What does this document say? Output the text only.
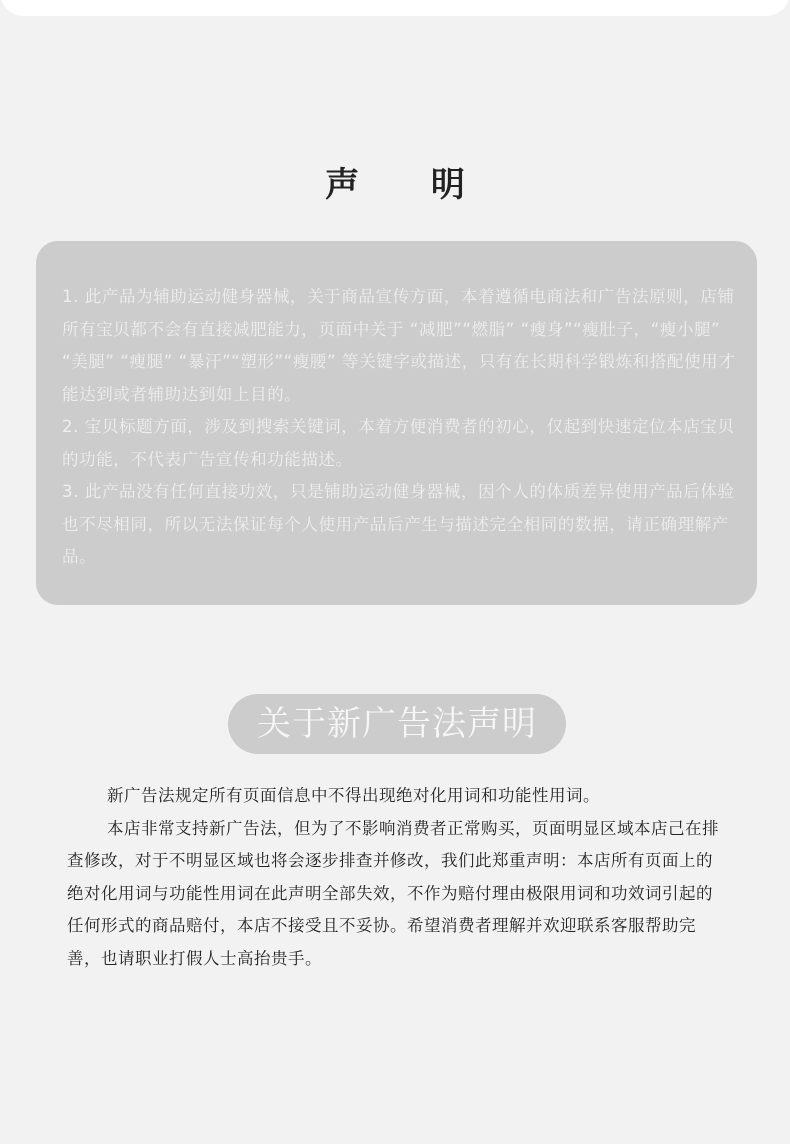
声 明

1. 此产品为辅助运动健身器械，关于商品宣传方面，本着遵循电商法和广告法原则，店铺所有宝贝都不会有直接减肥能力，页面中关于 “减肥”“燃脂” “瘦身”“瘦肚子，“瘦小腿” “美腿” “瘦腿” “暴汗”“塑形”“瘦腰” 等关键字或描述，只有在长期科学锻炼和搭配使用才能达到或者辅助达到如上目的。

2. 宝贝标题方面，涉及到搜索关键词，本着方便消费者的初心，仅起到快速定位本店宝贝的功能，不代表广告宣传和功能描述。

3. 此产品没有任何直接功效，只是铺助运动健身器械，因个人的体质差异使用产品后体验也不尽相同，所以无法保证每个人使用产品后产生与描述完全相同的数据，请正确理解产品。

关于新广告法声明

新广告法规定所有页面信息中不得出现绝对化用词和功能性用词。

本店非常支持新广告法，但为了不影响消费者正常购买，页面明显区域本店己在排查修改，对于不明显区域也将会逐步排查并修改，我们此郑重声明：本店所有页面上的绝对化用词与功能性用词在此声明全部失效，不作为赔付理由极限用词和功效词引起的任何形式的商品赔付，本店不接受且不妥协。希望消费者理解并欢迎联系客服帮助完善，也请职业打假人士高抬贵手。
